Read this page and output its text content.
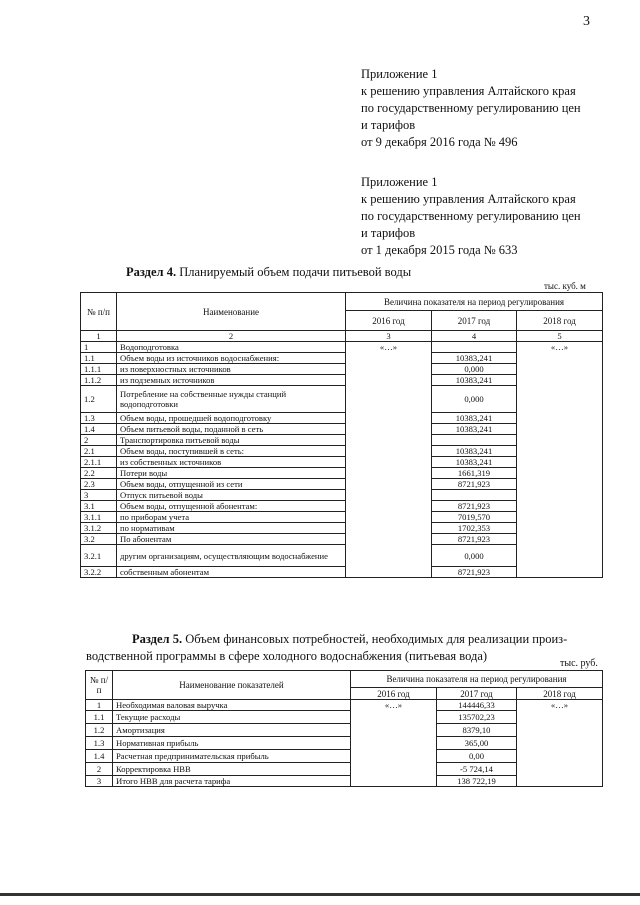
3
Приложение 1
к решению управления Алтайского края
по государственному регулированию цен
и тарифов
от 9 декабря 2016 года № 496
Приложение 1
к решению управления Алтайского края
по государственному регулированию цен
и тарифов
от 1 декабря 2015 года № 633
Раздел 4. Планируемый объем подачи питьевой воды
тыс. куб. м
№ п/п	Наименование	Величина показателя на период регулирования		
		2016 год	2017 год	2018 год
1	2	3	4	5
1	Водоподготовка	«…»		«…»
1.1	Объем воды из источников водоснабжения:		10383,241	
1.1.1	из поверхностных источников		0,000	
1.1.2	из подземных источников		10383,241	
1.2	Потребление на собственные нужды станций водоподготовки		0,000	
1.3	Объем воды, прошедшей водоподготовку		10383,241	
1.4	Объем питьевой воды, поданной в сеть		10383,241	
2	Транспортировка питьевой воды			
2.1	Объем воды, поступившей в сеть:		10383,241	
2.1.1	из собственных источников		10383,241	
2.2	Потери воды		1661,319	
2.3	Объем воды, отпущенной из сети		8721,923	
3	Отпуск питьевой воды			
3.1	Объем воды, отпущенной абонентам:		8721,923	
3.1.1	по приборам учета		7019,570	
3.1.2	по нормативам		1702,353	
3.2	По абонентам		8721,923	
3.2.1	другим организациям, осуществляющим водоснабжение		0,000	
3.2.2	собственным абонентам		8721,923	
Раздел 5. Объем финансовых потребностей, необходимых для реализации произ-
водственной программы в сфере холодного водоснабжения (питьевая вода)
тыс. руб.
№ п/п	Наименование показателей	Величина показателя на период регулирования		
		2016 год	2017 год	2018 год
1	Необходимая валовая выручка	«…»	144446,33	«…»
1.1	Текущие расходы		135702,23	
1.2	Амортизация		8379,10	
1.3	Нормативная прибыль		365,00	
1.4	Расчетная предпринимательская прибыль		0,00	
2	Корректировка НВВ		-5 724,14	
3	Итого НВВ для расчета тарифа		138 722,19	
